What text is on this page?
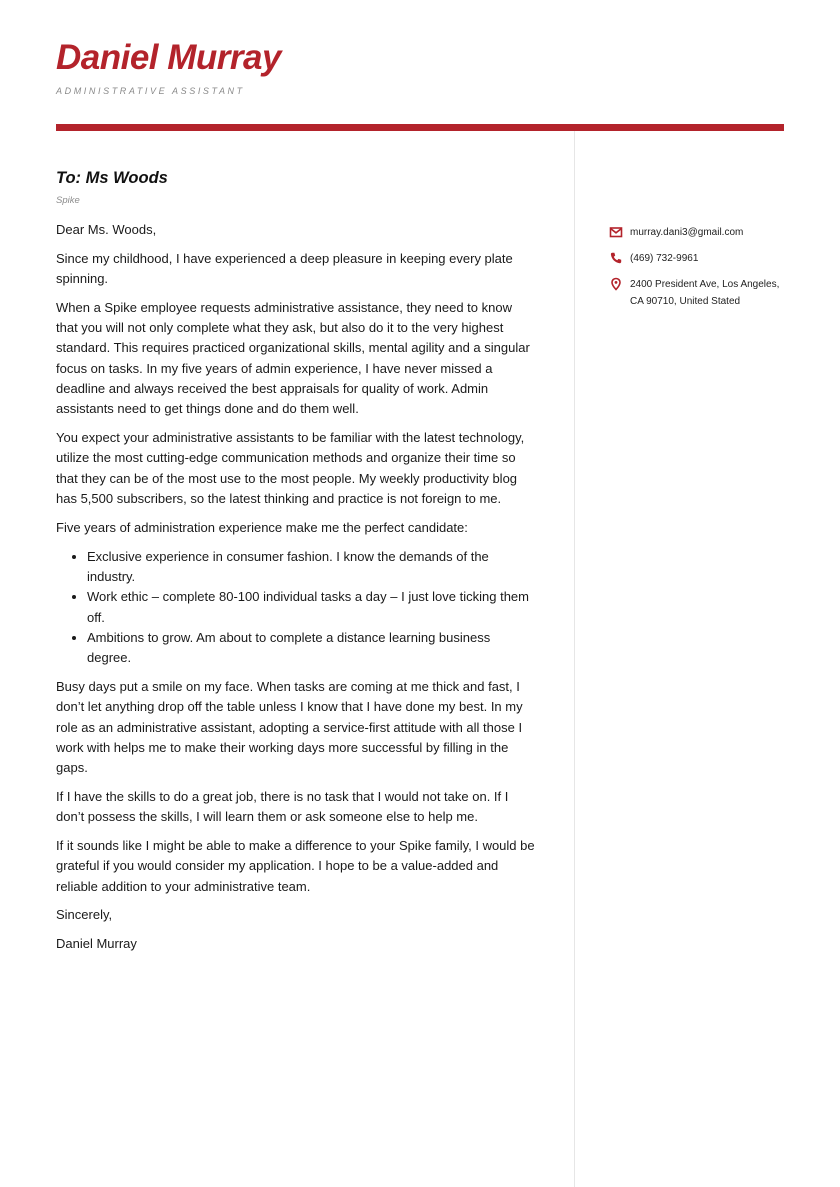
Daniel Murray
ADMINISTRATIVE ASSISTANT
To: Ms Woods
Spike

Dear Ms. Woods,

Since my childhood, I have experienced a deep pleasure in keeping every plate spinning.

When a Spike employee requests administrative assistance, they need to know that you will not only complete what they ask, but also do it to the very highest standard. This requires practiced organizational skills, mental agility and a singular focus on tasks. In my five years of admin experience, I have never missed a deadline and always received the best appraisals for quality of work. Admin assistants need to get things done and do them well.

You expect your administrative assistants to be familiar with the latest technology, utilize the most cutting-edge communication methods and organize their time so that they can be of the most use to the most people. My weekly productivity blog has 5,500 subscribers, so the latest thinking and practice is not foreign to me.

Five years of administration experience make me the perfect candidate:

• Exclusive experience in consumer fashion. I know the demands of the industry.
• Work ethic – complete 80-100 individual tasks a day – I just love ticking them off.
• Ambitions to grow. Am about to complete a distance learning business degree.

Busy days put a smile on my face. When tasks are coming at me thick and fast, I don’t let anything drop off the table unless I know that I have done my best. In my role as an administrative assistant, adopting a service-first attitude with all those I work with helps me to make their working days more successful by filling in the gaps.

If I have the skills to do a great job, there is no task that I would not take on. If I don’t possess the skills, I will learn them or ask someone else to help me.

If it sounds like I might be able to make a difference to your Spike family, I would be grateful if you would consider my application. I hope to be a value-added and reliable addition to your administrative team.

Sincerely,

Daniel Murray

murray.dani3@gmail.com
(469) 732-9961
2400 President Ave, Los Angeles,
CA 90710, United Stated
